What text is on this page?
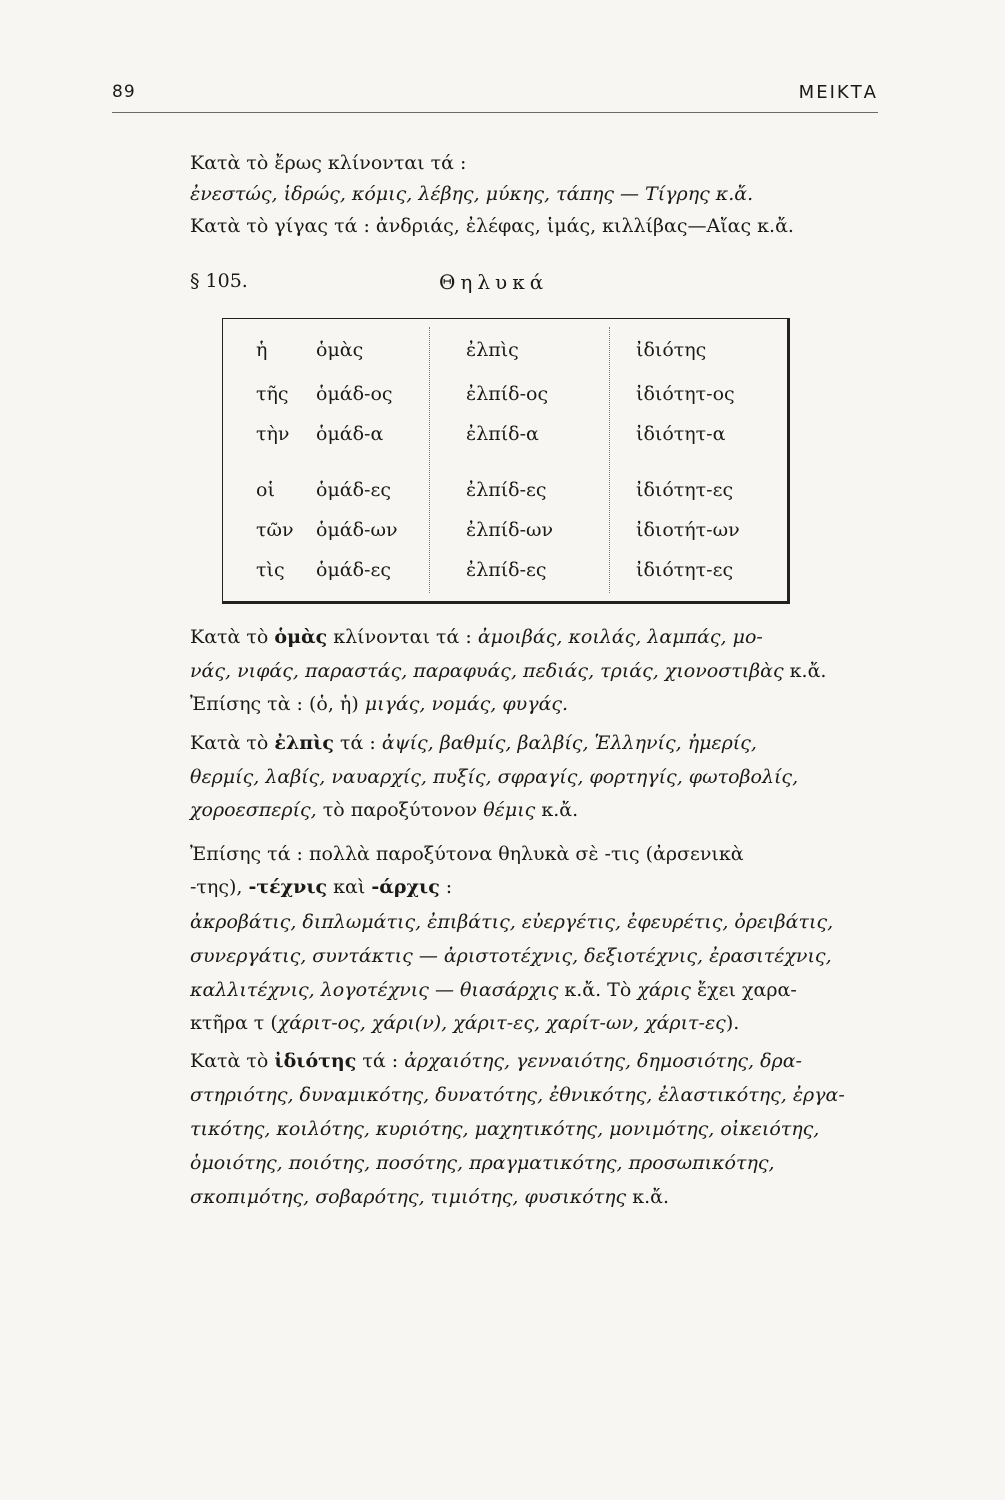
89	ΜΕΙΚΤΑ
Κατὰ τὸ ἔρως κλίνονται τά :
ἐνεστώς, ἱδρώς, κόμις, λέβης, μύκης, τάπης — Τίγρης κ.ἄ.
Κατὰ τὸ γίγας τά : ἀνδριάς, ἐλέφας, ἱμάς, κιλλίβας—Αἴας κ.ἄ.
§ 105.	Θηλυκά
ἡ
τῆς
τὴν
οἱ
τῶν
τὶς
ὁμὰς
ὁμάδ-ος
ὁμάδ-α
ὁμάδ-ες
ὁμάδ-ων
ὁμάδ-ες
ἐλπὶς
ἐλπίδ-ος
ἐλπίδ-α
ἐλπίδ-ες
ἐλπίδ-ων
ἐλπίδ-ες
ἰδιότης
ἰδιότητ-ος
ἰδιότητ-α
ἰδιότητ-ες
ἰδιοτήτ-ων
ἰδιότητ-ες
Κατὰ τὸ ὁμὰς κλίνονται τά : ἀμοιβάς, κοιλάς, λαμπάς, μο-
νάς, νιφάς, παραστάς, παραφυάς, πεδιάς, τριάς, χιονοστιβὰς κ.ἄ.
Ἐπίσης τὰ : (ὁ, ἡ) μιγάς, νομάς, φυγάς.
Κατὰ τὸ ἐλπὶς τά : ἀψίς, βαθμίς, βαλβίς, Ἑλληνίς, ἠμερίς,
θερμίς, λαβίς, ναυαρχίς, πυξίς, σφραγίς, φορτηγίς, φωτοβολίς,
χοροεσπερίς, τὸ παροξύτονον θέμις κ.ἄ.
Ἐπίσης τά : πολλὰ παροξύτονα θηλυκὰ σὲ -τις (ἀρσενικὰ
-της), -τέχνις καὶ -άρχις :
ἀκροβάτις, διπλωμάτις, ἐπιβάτις, εὐεργέτις, ἐφευρέτις, ὀρειβάτις,
συνεργάτις, συντάκτις — ἀριστοτέχνις, δεξιοτέχνις, ἐρασιτέχνις,
καλλιτέχνις, λογοτέχνις — θιασάρχις κ.ἄ. Τὸ χάρις ἔχει χαρα-
κτῆρα τ (χάριτ-ος, χάρι(ν), χάριτ-ες, χαρίτ-ων, χάριτ-ες).
Κατὰ τὸ ἰδιότης τά : ἀρχαιότης, γενναιότης, δημοσιότης, δρα-
στηριότης, δυναμικότης, δυνατότης, ἐθνικότης, ἐλαστικότης, ἐργα-
τικότης, κοιλότης, κυριότης, μαχητικότης, μονιμότης, οἰκειότης,
ὁμοιότης, ποιότης, ποσότης, πραγματικότης, προσωπικότης,
σκοπιμότης, σοβαρότης, τιμιότης, φυσικότης κ.ἄ.
